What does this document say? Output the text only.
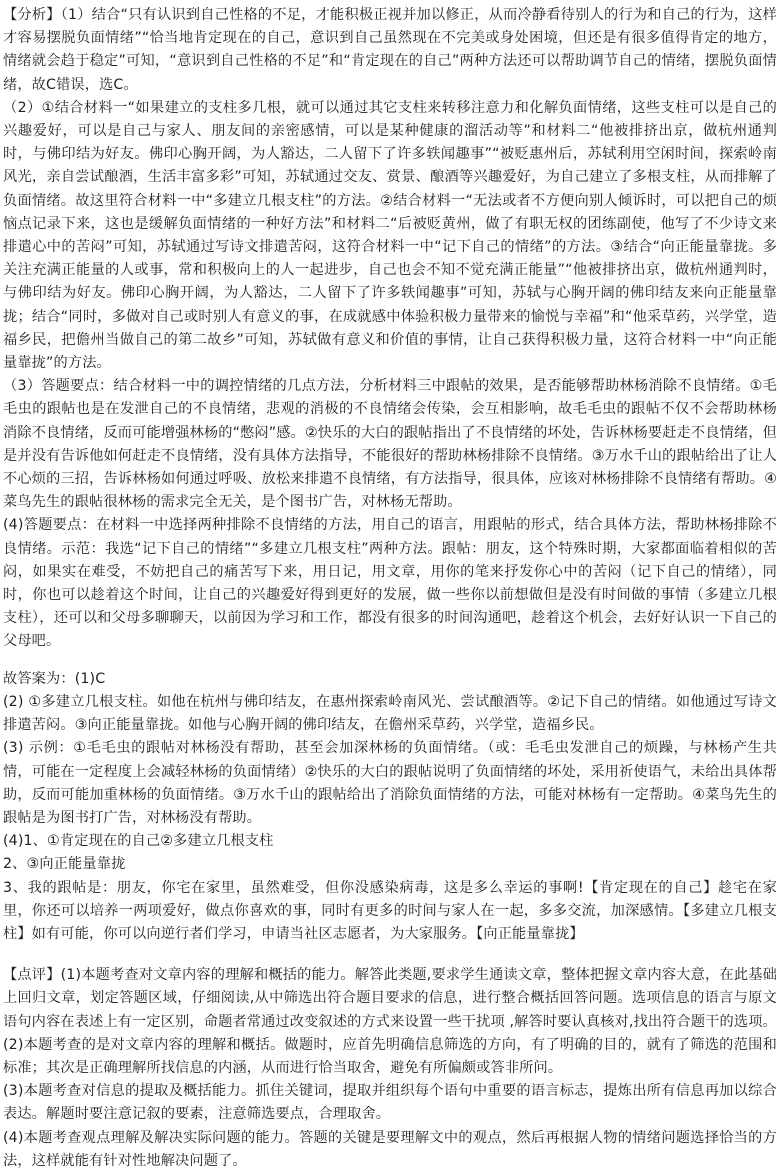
【分析】（1）结合“只有认识到自己性格的不足，才能积极正视并加以修正，从而冷静看待别人的行为和自己的行为，这样才容易摆脱负面情绪”“恰当地肯定现在的自己，意识到自己虽然现在不完美或身处困境，但还是有很多值得肯定的地方，情绪就会趋于稳定”可知，“意识到自己性格的不足”和“肯定现在的自己”两种方法还可以帮助调节自己的情绪，摆脱负面情绪，故C错误，选C。

（2）①结合材料一“如果建立的支柱多几根，就可以通过其它支柱来转移注意力和化解负面情绪，这些支柱可以是自己的兴趣爱好，可以是自己与家人、朋友间的亲密感情，可以是某种健康的溜活动等”和材料二“他被排挤出京，做杭州通判时，与佛印结为好友。佛印心胸开阔，为人豁达，二人留下了许多轶闻趣事”“被贬惠州后，苏轼利用空闲时间，探索岭南风光，亲自尝试酿酒，生活丰富多彩”可知，苏轼通过交友、赏景、酿酒等兴趣爱好，为自己建立了多根支柱，从而排解了负面情绪。故这里符合材料一中“多建立几根支柱”的方法。②结合材料一“无法或者不方便向别人倾诉时，可以把自己的烦恼点记录下来，这也是缓解负面情绪的一种好方法”和材料二“后被贬黄州，做了有职无权的团练副使，他写了不少诗文来排遣心中的苦闷”可知，苏轼通过写诗文排遣苦闷，这符合材料一中“记下自己的情绪”的方法。③结合“向正能量靠拢。多关注充满正能量的人或事，常和积极向上的人一起进步，自己也会不知不觉充满正能量”“他被排挤出京，做杭州通判时，与佛印结为好友。佛印心胸开阔，为人豁达，二人留下了许多轶闻趣事”可知，苏轼与心胸开阔的佛印结友来向正能量靠拢；结合“同时，多做对自己或时别人有意义的事，在成就感中体验积极力量带来的愉悦与幸福”和“他采草药，兴学堂，造福乡民，把儋州当做自己的第二故乡”可知，苏轼做有意义和价值的事情，让自己获得积极力量，这符合材料一中“向正能量靠拢”的方法。

（3）答题要点：结合材料一中的调控情绪的几点方法，分析材料三中跟帖的效果，是否能够帮助林杨消除不良情绪。①毛毛虫的跟帖也是在发泄自己的不良情绪，悲观的消极的不良情绪会传染，会互相影响，故毛毛虫的跟帖不仅不会帮助林杨消除不良情绪，反而可能增强林杨的“憋闷”感。②快乐的大白的跟帖指出了不良情绪的坏处，告诉林杨要赶走不良情绪，但是并没有告诉他如何赶走不良情绪，没有具体方法指导，不能很好的帮助林杨排除不良情绪。③万水千山的跟帖给出了让人不心烦的三招，告诉林杨如何通过呼吸、放松来排遣不良情绪，有方法指导，很具体，应该对林杨排除不良情绪有帮助。④菜鸟先生的跟帖很林杨的需求完全无关，是个图书广告，对林杨无帮助。

(4)答题要点：在材料一中选择两种排除不良情绪的方法，用自己的语言，用跟帖的形式，结合具体方法，帮助林杨排除不良情绪。示范：我选“记下自己的情绪”“多建立几根支柱”两种方法。跟帖：朋友，这个特殊时期，大家都面临着相似的苦闷，如果实在难受，不妨把自己的痛苦写下来，用日记，用文章，用你的笔来抒发你心中的苦闷（记下自己的情绪），同时，你也可以趁着这个时间，让自己的兴趣爱好得到更好的发展，做一些你以前想做但是没有时间做的事情（多建立几根支柱），还可以和父母多聊聊天，以前因为学习和工作，都没有很多的时间沟通吧，趁着这个机会，去好好认识一下自己的父母吧。

故答案为：(1)C

(2) ①多建立几根支柱。如他在杭州与佛印结友，在惠州探索岭南风光、尝试酿酒等。②记下自己的情绪。如他通过写诗文排遣苦闷。③向正能量靠拢。如他与心胸开阔的佛印结友，在儋州采草药，兴学堂，造福乡民。

(3) 示例：①毛毛虫的跟帖对林杨没有帮助，甚至会加深林杨的负面情绪。（或：毛毛虫发泄自己的烦躁，与林杨产生共情，可能在一定程度上会减轻林杨的负面情绪）②快乐的大白的跟帖说明了负面情绪的坏处，采用祈使语气，未给出具体帮助，反而可能加重林杨的负面情绪。③万水千山的跟帖给出了消除负面情绪的方法，可能对林杨有一定帮助。④菜鸟先生的跟帖是为图书打广告，对林杨没有帮助。

(4)1、①肯定现在的自己②多建立几根支柱

2、③向正能量靠拢

3、我的跟帖是：朋友，你宅在家里，虽然难受，但你没感染病毒，这是多么幸运的事啊!【肯定现在的自己】趁宅在家里，你还可以培养一两项爱好，做点你喜欢的事，同时有更多的时间与家人在一起，多多交流，加深感情。【多建立几根支柱】如有可能，你可以向逆行者们学习，申请当社区志愿者，为大家服务。【向正能量靠拢】

【点评】(1)本题考查对文章内容的理解和概括的能力。解答此类题,要求学生通读文章，整体把握文章内容大意，在此基础上回归文章，划定答题区域，仔细阅读,从中筛选出符合题目要求的信息，进行整合概括回答问题。选项信息的语言与原文语句内容在表述上有一定区别，命题者常通过改变叙述的方式来设置一些干扰项 ,解答时要认真核对,找出符合题干的选项。

(2)本题考查的是对文章内容的理解和概括。做题时，应首先明确信息筛选的方向，有了明确的目的，就有了筛选的范围和标准；其次是正确理解所找信息的内涵，从而进行恰当取舍，避免有所偏颇或答非所问。

(3)本题考查对信息的提取及概括能力。抓住关键词，提取并组织每个语句中重要的语言标志，提炼出所有信息再加以综合表达。解题时要注意记叙的要素，注意筛选要点，合理取舍。

(4)本题考查观点理解及解决实际问题的能力。答题的关键是要理解文中的观点，然后再根据人物的情绪问题选择恰当的方法，这样就能有针对性地解决问题了。
